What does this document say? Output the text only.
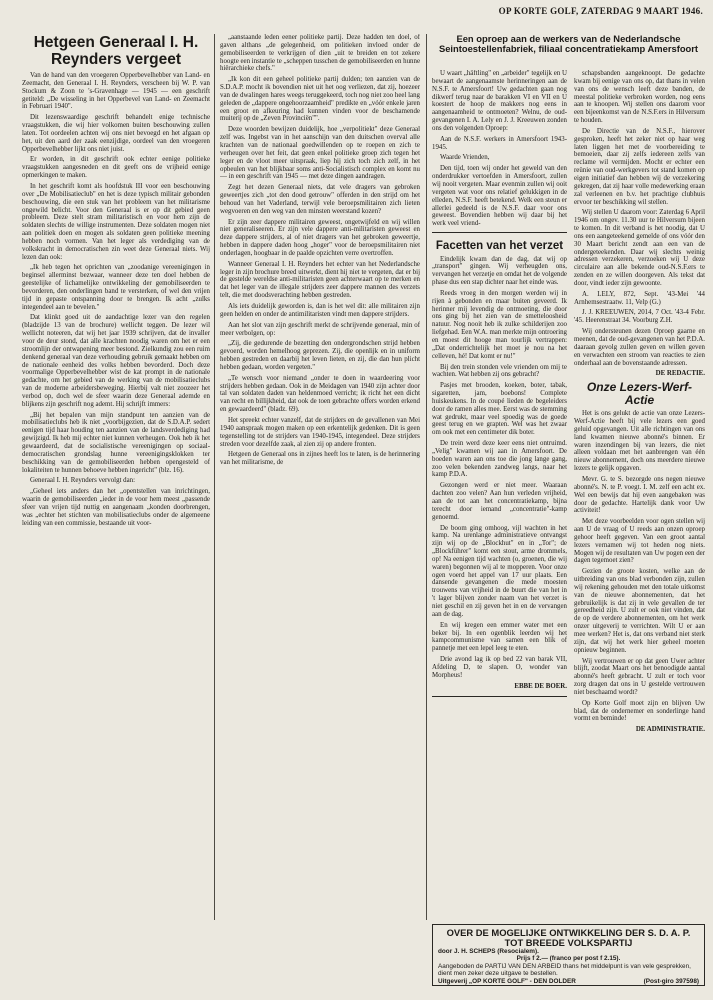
OP KORTE GOLF, ZATERDAG 9 MAART 1946.
Hetgeen Generaal I. H. Reynders vergeet

Van de hand van den vroegeren Opperbevelhebber van Land- en Zeemacht, den Generaal I. H. Reynders, verscheen bij W. P. van Stockum & Zoon te 's-Gravenhage — 1945 — een geschrift getiteld: „De wisseling in het Opperbevel van Land- en Zeemacht in Februari 1940".

Dit lezenswaardige geschrift behandelt enige technische vraagstukken, die wij hier volkomen buiten beschouwing zullen laten. Tot oordeelen achten wij ons niet bevoegd en het afgaan op het, uit den aard der zaak eenzijdige, oordeel van den vroegeren Opperbevelhebber lijkt ons niet juist.

Er worden, in dit geschrift ook echter eenige politieke vraagstukken aangesneden en dit geeft ons de vrijheid eenige opmerkingen te maken.

In het geschrift komt als hoofdstuk III voor een beschouwing over „De Mobilisatieclub" en het is deze typisch militair gebonden beschouwing, die een stuk van het probleem van het militarisme ongewild belicht. Voor den Generaal is er op dit gebied geen probleem. Deze stelt stram militaristisch en voor hem zijn de soldaten slechts de willige instrumenten. Deze soldaten mogen niet aan politiek doen en mogen als soldaten geen politieke meening hebben noch vormen. Van het leger als verdediging van de volkskracht in democratischen zin weet deze Generaal niets. Wij lezen dan ook:

„Ik heb tegen het oprichten van „zoodanige vereenigingen in beginsel allerminst bezwaar, wanneer deze ten doel hebben de geestelijke of lichamelijke ontwikkeling der gemobiliseerden te bevorderen, den onderlingen band te versterken, of wel den vrijen tijd in gepaste ontspanning door te brengen. Ik acht „zulks integendeel aan te bevelen."

Dat klinkt goed uit de aandachtige lezer van den regelen (bladzijde 13 van de brochure) wellicht teggen. De lezer wil wellicht noteeren, dat wij het jaar 1939 schrijven, dat de invaller voor de deur stond, dat alle krachten noodig waren om het er een stroomlijn der ontwapening meer bestond. Zielkundig zou een ruim denkend generaal van deze verhouding gebruik gemaakt hebben om de nationale eenheid des volks hebben bevorderd. Doch deze voormalige Opperbevelhebber wist de kat prompt in de nationale gedachte, om het gebied van de werking van de mobilisatieclubs van de moderne arbeidersbeweging. Hierbij valt niet zoozeer het verbod op, doch wel de sfeer waarin deze Generaal ademde en blijkens zijn geschrift nog ademt. Hij schrijft immers:

„Bij het bepalen van mijn standpunt ten aanzien van de mobilisatieclubs heb ik niet „voorbijgezien, dat de S.D.A.P. sedert eenigen tijd haar houding ten aanzien van de landsverdediging had gewijzigd. Ik heb mij echter niet kunnen verheugen. Ook heb ik het gewaardeerd, dat de socialistische vereenigingen op sociaal-democratischen grondslag hunne vereenigingsklokken ter beschikking van de gemobiliseerden hebben opengesteld of lokaliteiten te hunnen behoeve hebben ingericht" (blz. 16).

Generaal I. H. Reynders vervolgt dan:

„Geheel iets anders dan het „opentstellen van inrichtingen, waarin de gemobiliseerden „ieder in de voor hem meest „passende sfeer van vrijen tijd nuttig en aangenaam „konden doorbrengen, was „echter het stichten van mobilisatieclubs onder de algemeene leiding van een commissie, bestaande uit voor-

„aanstaande leden eener politieke partij. Deze hadden ten doel, of gaven althans „de gelegenheid, om politieken invloed onder de gemobiliseerden te verkrijgen of dien „uit te breiden en tot zekere hoogte een instantie te „scheppen tusschen de gemobiliseerden en hunne hiërarchieke chefs."

„Ik kon dit een geheel politieke partij dulden; ten aanzien van de S.D.A.P. mocht ik bovendien niet uit het oog verliezen, dat zij, hoezeer van de dwalingen hares weegs teruggekeerd, toch nog niet zoo heel lang geleden de „dappere ongehoorzaamheid" predikte en „vóór enkele jaren een groot en afkeuring had kunnen vinden voor de beschamende muiterij op de „Zeven Provinciën"".

Deze woorden bewijzen duidelijk, hoe „verpolitiekt" deze Generaal zelf was. Ingebst van in het aanschijn van den duitschen overval alle krachten van de nationaal goedwillenden op te roepen en zich te verheugen over het feit, dat geen enkel politieke groep zich tegen het leger en de vloot meer uitspraak, liep hij zich toch zich zelf, in het opbeulen van het blijkbaar soms anti-Socialistisch complex en komt nu — in een geschrift van 1945 — met deze dingen aandragen.

Zegt het dezen Generaal niets, dat vele dragers van gebroken geweertjes zich „tot den dood getrouw" offerden in den strijd om het behoud van het Vaderland, terwijl vele beroepsmilitairen zich lieten wegvoeren en den weg van den minsten weerstand kozen?

Er zijn zeer dappere militairen geweest, ongetwijfeld en wij willen niet generaliseeren. Er zijn vele dappere anti-militaristen geweest en deze dappere strijders, al of niet dragers van het gebroken geweertje, hebben in dappere daden hoog „hoger" voor de beroepsmilitairen niet onderlagen, hoogbaar in de paalde opzichten verre overtroffen.

Wanneer Generaal I. H. Reynders het echter van het Nederlandsche leger in zijn brochure breed uitwerkt, dient hij niet te vergeten, dat er bij de gestelde wereldse anti-militaristen geen achterwaart op te merken en dat het leger van de illegale strijders zeer dappere mannen des verzets telt, die met doodsverachting hebben gestreden.

Als iets duidelijk geworden is, dan is het wel dit: alle militairen zijn geen helden en onder de antimilitaristen vindt men dappere strijders.

Aan het slot van zijn geschrift merkt de schrijvende generaal, min of meer verbolgen, op:

„Zij, die gedurende de bezetting den ondergrondschen strijd hebben gevoerd, worden hemelhoog geprezen. Zij, die openlijk en in uniform hebben gestreden en daarbij het leven lieten, en zij, die dan hun plicht hebben gedaan, worden vergeten."

„Te wensch voor niemand „onder te doen in waardeering voor strijders hebben gedaan. Ook in de Meidagen van 1940 zijn achter door tal van soldaten daden van heldenmoed verricht; ik richt het een dicht van recht en billijkheid, dat ook de toen gebrachte offers worden erkend en gewaardeerd" (bladz. 69).

Het spreekt echter vanzelf, dat de strijders en de gevallenen van Mei 1940 aanspraak mogen maken op een erkentelijk gedenken. Dit is geen tegenstelling tot de strijders van 1940-1945, integendeel. Deze strijders streden voor dezelfde zaak, al zien zij op andere fronten.

Hetgeen de Generaal ons in zijnes heeft los te laten, is de herinnering van het militarisme, de

Een oproep aan de werkers van de Nederlandsche Seintoestellenfabriek, filiaal concentratiekamp Amersfoort

U waart „häftling" en „arbeider" tegelijk en U bewaart de aangenaamste herinneringen aan de N.S.F. te Amersfoort! Uw gedachten gaan nog dikwerf terug naar de barakken VI en VII en U koestert de hoop de makkers nog eens in aangenaamheid te ontmoeten? Welnu, de oud-gevangenen I. A. Lely en J. J. Kreeuwen zonden ons den volgenden Oproep:

Aan de N.S.F. werkers in Amersfoort 1943-1945.

Waarde Vrienden,

Den tijd, toen wij onder het geweld van den onderdrukker vertoefden in Amersfoort, zullen wij nooit vergeten. Maar evenmin zullen wij ooit vergeten wat voor ons relatief gelukkigen in de elleden, N.S.F. heeft betekend. Welk een steun er allerlei gedeeld is de N.S.F. daar voor ons geweest. Bovendien hebben wij daar bij het werk veel vriend-

Facetten van het verzet

Eindelijk kwam dan de dag, dat wij op „transport" gingen. Wij verheugden ons, vervangen het verzetje en omdat het de volgende phase dus een stap dichter naar het einde was.

Reeds vroeg in den morgen werden wij in rijen à gebonden en maar buiten geveerd. Ik herinner mij levendig de ontmoeting, die door ons ging bij het zien van de smetteloosheid natuur. Nog nooit heb ik zulke schilderijen zoo liefgehad. Een W.A. man merkte mijn ontroering en moest dit hooge man tourlijk vertrappen: „Dat onderrichtelijk het moet je nou na het celleven, hé! Dat komt er nu!"

Bij den trein stonden vele vrienden om mij te wachten. Wat hebben zij ons gebracht?

Pasjes met brooden, koeken, boter, tabak, sigaretten, jam, boebons! Complete huiskeukens. In de coupé lieden de begeleiders door de ramen alles mee. Eerst was de stemming wat gedrukt, maar veel spoedig was de goede geest terug en we grapten. Wel was het zwaar om ook met een centimeter dik boter.

De trein werd deze keer eens niet ontruimd. „Velig" kwamen wij aan in Amersfoort. De boeden waren aan ons toe die jong lange gang, zoo velen bekenden zandweg langs, naar het kamp P.D.A.

Gezongen werd er niet meer. Waaraan dachten zoo velen? Aan hun verleden vrijheid, aan de tot aan het concentratiekamp, bijna terecht door iemand „concentratie"-kamp genoemd.

De boom ging omhoog, vijl wachten in het kamp. Na urenlange administratieve ontvangst zijn wij op de „Blockhut" en in „Tor"; de „Blockführer" komt een stout, arme drommels, op! Na eenigen tijd wachten (o, groenen, die wij waren) begonnen wij al te mopperen. Voor onze ogen voerd het appel van 17 uur plaats. Een dansende gevangenen die mede moesten trouwens van vrijheid in de buurt die van het in 't lager blijven zonder naam van het verzet is niet geschil en zij geven het in en de vervangen aan de dag.

En wij kregen een emmer water met een beker bij. In een ogenblik leerden wij het kampcommunisme van samen een blik of pannetje met een lepel leeg te eten.

Drie avond lag ik op bed 22 van barak VII, Afdeling D, te slapen. O, wonder van Morpheus!

EBBE DE BOER.

schapsbanden aangeknoopt. De gedachte kwam bij eenige van ons op, dat thans in velen van ons de wensch leeft deze banden, de meestal politieke verbroken worden, nog eens aan te knoopen. Wij stellen ons daarom voor een bijeenkomst van de N.S.F.ers in Hilversum te houden.

De Directie van de N.S.F., hierover gesproken, heeft het zeker niet op haar weg laten liggen het met de voorbereiding te bemoeien, daar zij zelfs iedereen zelfs van reclame wil vermijden. Mocht er echter een reünie van oud-werkgevers tot stand komen op eigen initiatief dan hebben wij de verzekering gekregen, dat zij haar volle medewerking eraan zal verleenen en b.v. het prachtige clubhuis ervoor ter beschikking wil stellen.

Wij stellen U daarom voor: Zaterdag 6 April 1946 om ongev. 11.30 uur te Hilversum bijeen te komen. In dit verband is het noodig, dat U ons een aangeteekend gemelde of ons vóór den 30 Maart bericht zendt aan een van de ondergeteekenden. Daar wij slechts weinig adressen verzekeren, verzoeken wij U deze circulaire aan alle bekende oud-N.S.F.ers te zenden en ze willen doorgeven. Als tekst dat door, vindt ieder zijn gewoonte.

A. LELY, 872, Sept. '43-Mei '44 Arnhemsestraatw. 11, Velp (G.)

J. J. KREEUWEN, 2014, 7 Oct. '43-4 Febr. '45. Heerenstraat 34. Voorburg Z.H.

Wij ondersteunen dezen Oproep gaarne en meenen, dat de oud-gevangenen van het P.D.A. daaraan gevolg zullen geven en willen geven en verwachten een stroom van reacties te zien onderhaal aan de bovenstaande adressen.

DE REDACTIE.

Onze Lezers-Werf-Actie

Het is ons gelukt de actie van onze Lezers-Werf-Actie heeft bij vele lezers een goed geluid opgevangen. Uit alle richtingen van ons land kwamen nieuwe abonné's binnen. Er waren inzendingen bij van lezers, die niet alleen voldaan met het aanbrengen van één nieuw abonnement, doch ons meerdere nieuwe lezers te gelijk opgaven.

Mevr. G. te S. bezorgde ons negen nieuwe abonné's. N. te P. voegt. I. M. zelf een acht ex. Wel een bewijs dat hij even aangebaken was door de gedachte. Hartelijk dank voor Uw activiteit!

Met deze voorbeelden voor ogen stellen wij aan U de vraag of U reeds aan onzen oproep gehoor heeft gegeven. Van een groot aantal lezers vernamen wij tot heden nog niets. Mogen wij de resultaten van Uw pogen een der dagen tegemoet zien?

Gezien de groote kosten, welke aan de uitbreiding van ons blad verbonden zijn, zullen wij rekening gehouden met den totale uitkomst van de nieuwe abonnementen, dat het gebruikelijk is dat zij in vele gevallen de ter gereedheid zijn. U zult er ook niet vinden, dat de op de verdere abonnementen, om het werk onzer uitgeverij te verrichten. Wilt U er aan mee werken? Het is, dat ons verband niet sterk zijn, dat wij het werk hier geheel moeten opnieuw beginnen.

Wij vertrouwen er op dat geen Uwer achter blijft, zoodat Maart ons het benoodigde aantal abonné's heeft gebracht. U zult er toch voor zorg dragen dat ons in U gestelde vertrouwen niet beschaamd wordt?

Op Korte Golf moet zijn en blijven Uw blad, dat de ondernemer en sonderlinge hand vormt en beminde!

DE ADMINISTRATIE.

OVER DE MOGELIJKE ONTWIKKELING DER S. D. A. P. TOT BREEDE VOLKSPARTIJ
door J. H. SCHEPS (Resocialem).
Prijs f 2.— (franco per post f 2.15).
Aangeboden de PARTIJ VAN DEN ARBEID thans het middelpunt is van vele gesprekken, dient men zeker deze uitgave te bestellen.
Uitgeverij „OP KORTE GOLF" - DEN DOLDER	(Post-giro 397598)
